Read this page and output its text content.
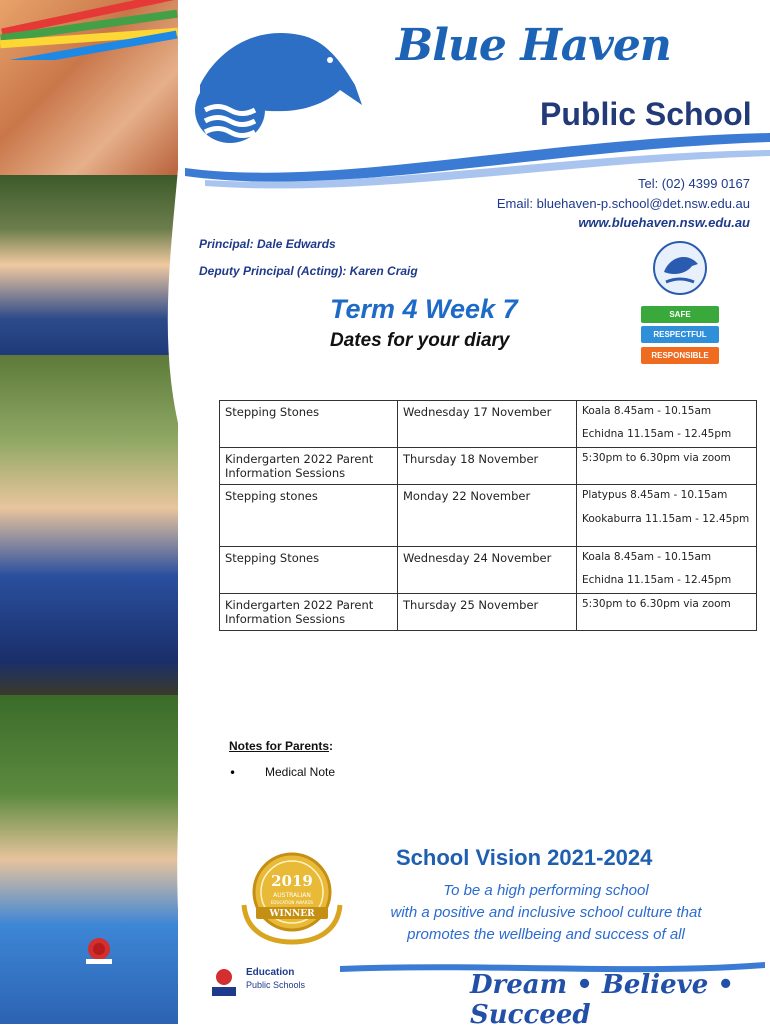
Blue Haven
Public School
Tel: (02) 4399 0167
Email: bluehaven-p.school@det.nsw.edu.au
www.bluehaven.nsw.edu.au
Principal: Dale Edwards
Deputy Principal (Acting): Karen Craig
Term 4 Week 7
Dates for your diary
SAFE
RESPECTFUL
RESPONSIBLE
Stepping Stones	Wednesday 17 November	Koala 8.45am - 10.15am
Echidna 11.15am - 12.45pm

Kindergarten 2022 Parent Information Sessions	Thursday 18 November	5:30pm to 6.30pm via zoom

Stepping stones	Monday 22 November	Platypus 8.45am - 10.15am
Kookaburra 11.15am - 12.45pm

Stepping Stones	Wednesday 24 November	Koala 8.45am - 10.15am
Echidna 11.15am - 12.45pm

Kindergarten 2022 Parent Information Sessions	Thursday 25 November	5:30pm to 6.30pm via zoom
Notes for Parents:
• Medical Note
2019
AUSTRALIAN
EDUCATION AWARDS
WINNER
School Vision 2021-2024
To be a high performing school
with a positive and inclusive school culture that
promotes the wellbeing and success of all
Education
Public Schools	Dream • Believe • Succeed
